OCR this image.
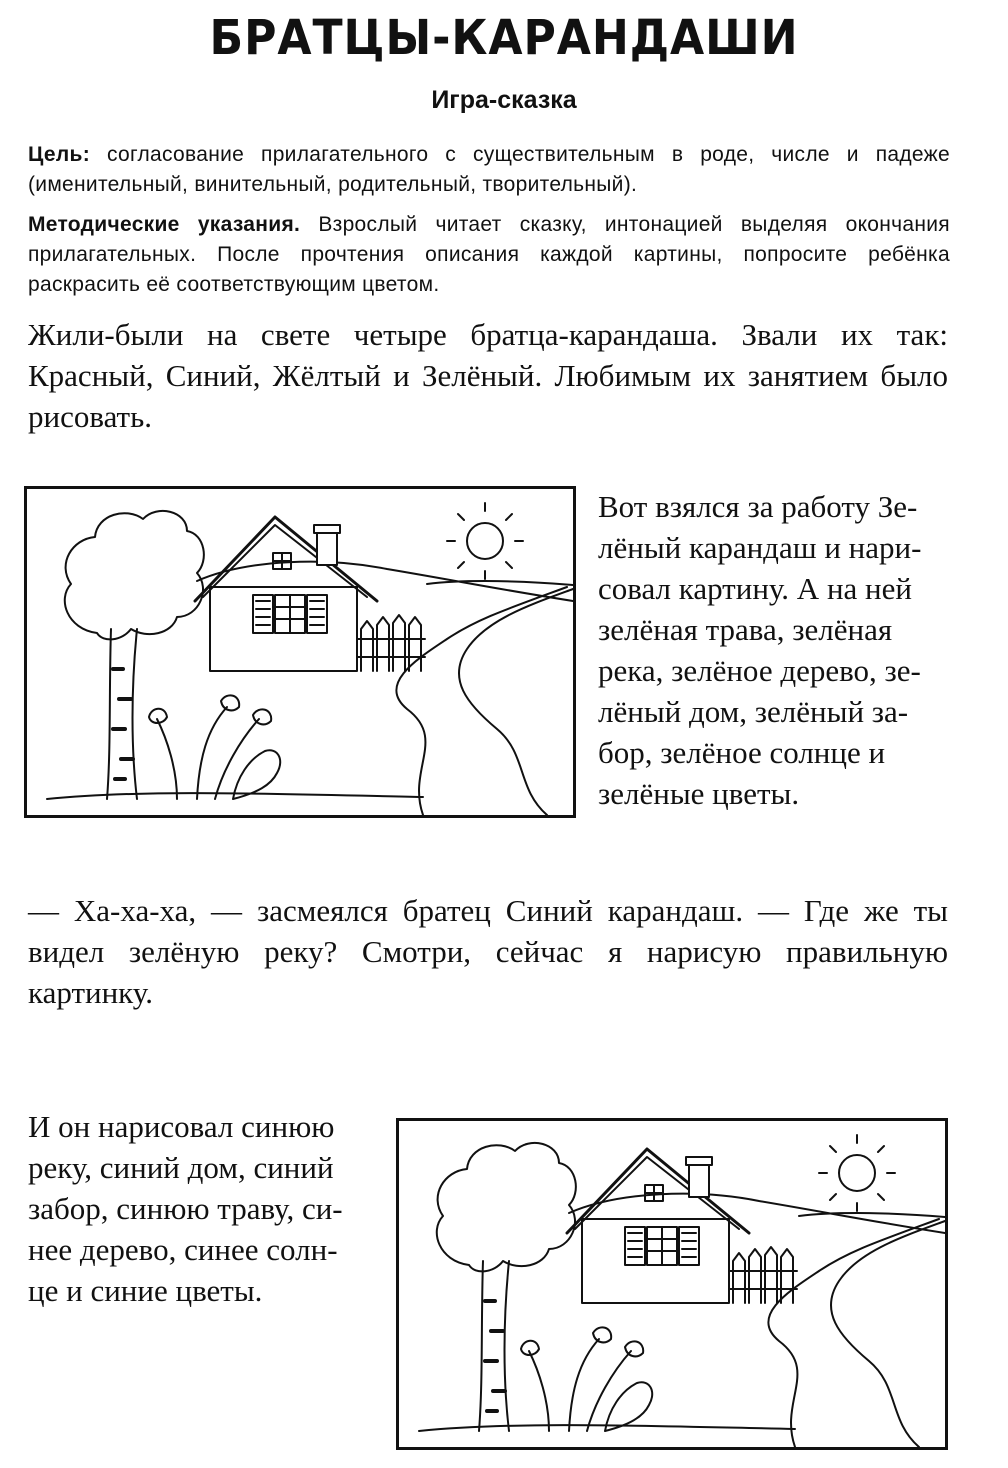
БРАТЦЫ-КАРАНДАШИ
Игра-сказка
Цель: согласование прилагательного с существительным в роде, числе и падеже (именительный, винительный, родительный, творительный).
Методические указания. Взрослый читает сказку, интонацией выделяя окончания прилагательных. После прочтения описания каждой картины, попросите ребёнка раскрасить её соответствующим цветом.
Жили-были на свете четыре братца-карандаша. Звали их так: Красный, Синий, Жёлтый и Зелёный. Любимым их занятием было рисовать.
Вот взялся за работу Зе-
лёный карандаш и нари-
совал картину. А на ней
зелёная трава, зелёная
река, зелёное дерево, зе-
лёный дом, зелёный за-
бор, зелёное солнце и
зелёные цветы.
— Ха-ха-ха, — засмеялся братец Синий карандаш. — Где же ты видел зелёную реку? Смотри, сейчас я нарисую правильную картинку.
И он нарисовал синюю
реку, синий дом, синий
забор, синюю траву, си-
нее дерево, синее солн-
це и синие цветы.
